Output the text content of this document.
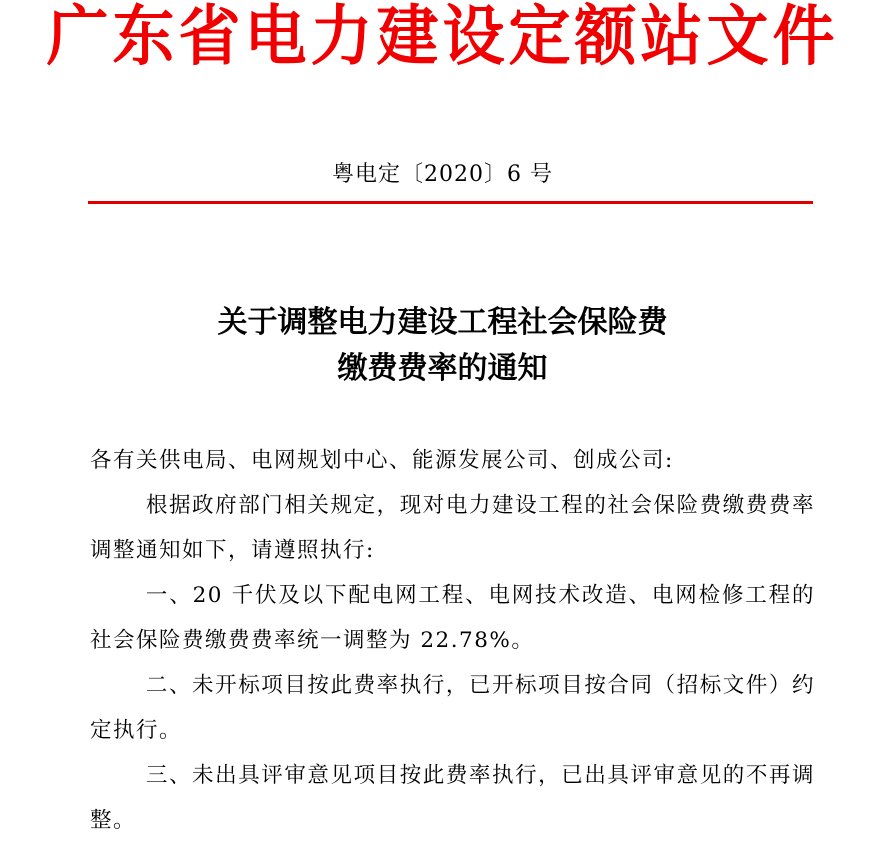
广东省电力建设定额站文件
粤电定〔2020〕6 号
关于调整电力建设工程社会保险费
缴费费率的通知

各有关供电局、电网规划中心、能源发展公司、创成公司:

根据政府部门相关规定，现对电力建设工程的社会保险费缴费费率调整通知如下，请遵照执行:

一、20 千伏及以下配电网工程、电网技术改造、电网检修工程的社会保险费缴费费率统一调整为 22.78%。

二、未开标项目按此费率执行，已开标项目按合同（招标文件）约定执行。

三、未出具评审意见项目按此费率执行，已出具评审意见的不再调整。
